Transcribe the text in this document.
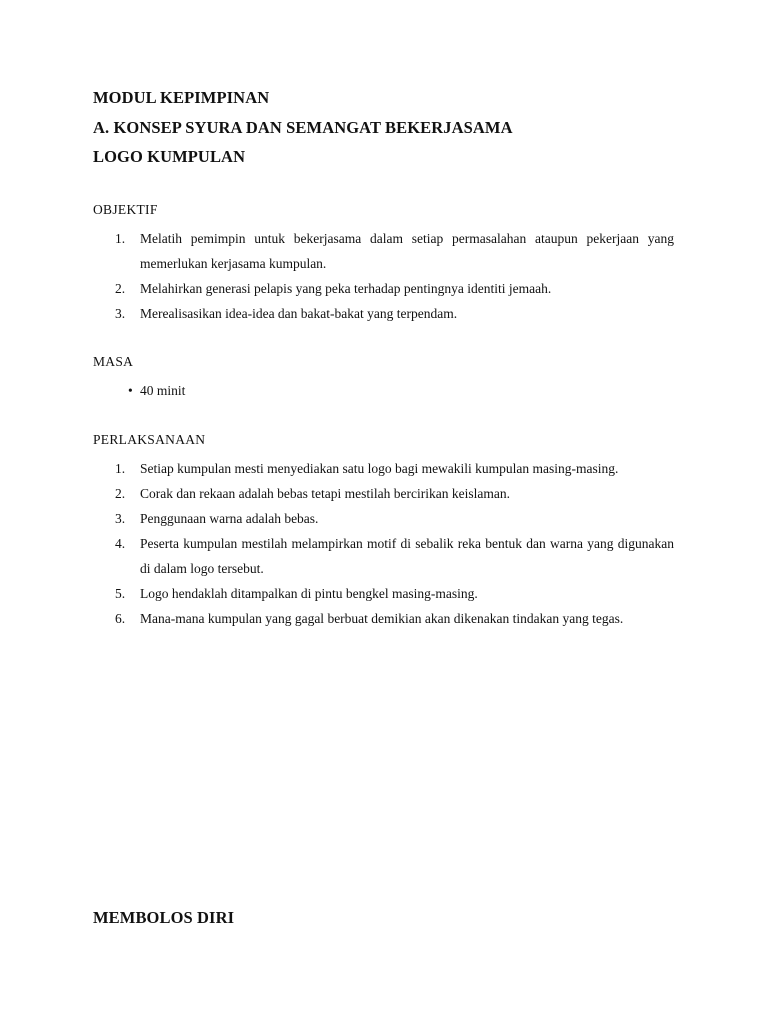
MODUL KEPIMPINAN
A. KONSEP SYURA DAN SEMANGAT BEKERJASAMA
LOGO KUMPULAN

OBJEKTIF

1. Melatih pemimpin untuk bekerjasama dalam setiap permasalahan ataupun pekerjaan yang memerlukan kerjasama kumpulan.
2. Melahirkan generasi pelapis yang peka terhadap pentingnya identiti jemaah.
3. Merealisasikan idea-idea dan bakat-bakat yang terpendam.

MASA

• 40 minit

PERLAKSANAAN

1. Setiap kumpulan mesti menyediakan satu logo bagi mewakili kumpulan masing-masing.
2. Corak dan rekaan adalah bebas tetapi mestilah bercirikan keislaman.
3. Penggunaan warna adalah bebas.
4. Peserta kumpulan mestilah melampirkan motif di sebalik reka bentuk dan warna yang digunakan di dalam logo tersebut.
5. Logo hendaklah ditampalkan di pintu bengkel masing-masing.
6. Mana-mana kumpulan yang gagal berbuat demikian akan dikenakan tindakan yang tegas.
MEMBOLOS DIRI
